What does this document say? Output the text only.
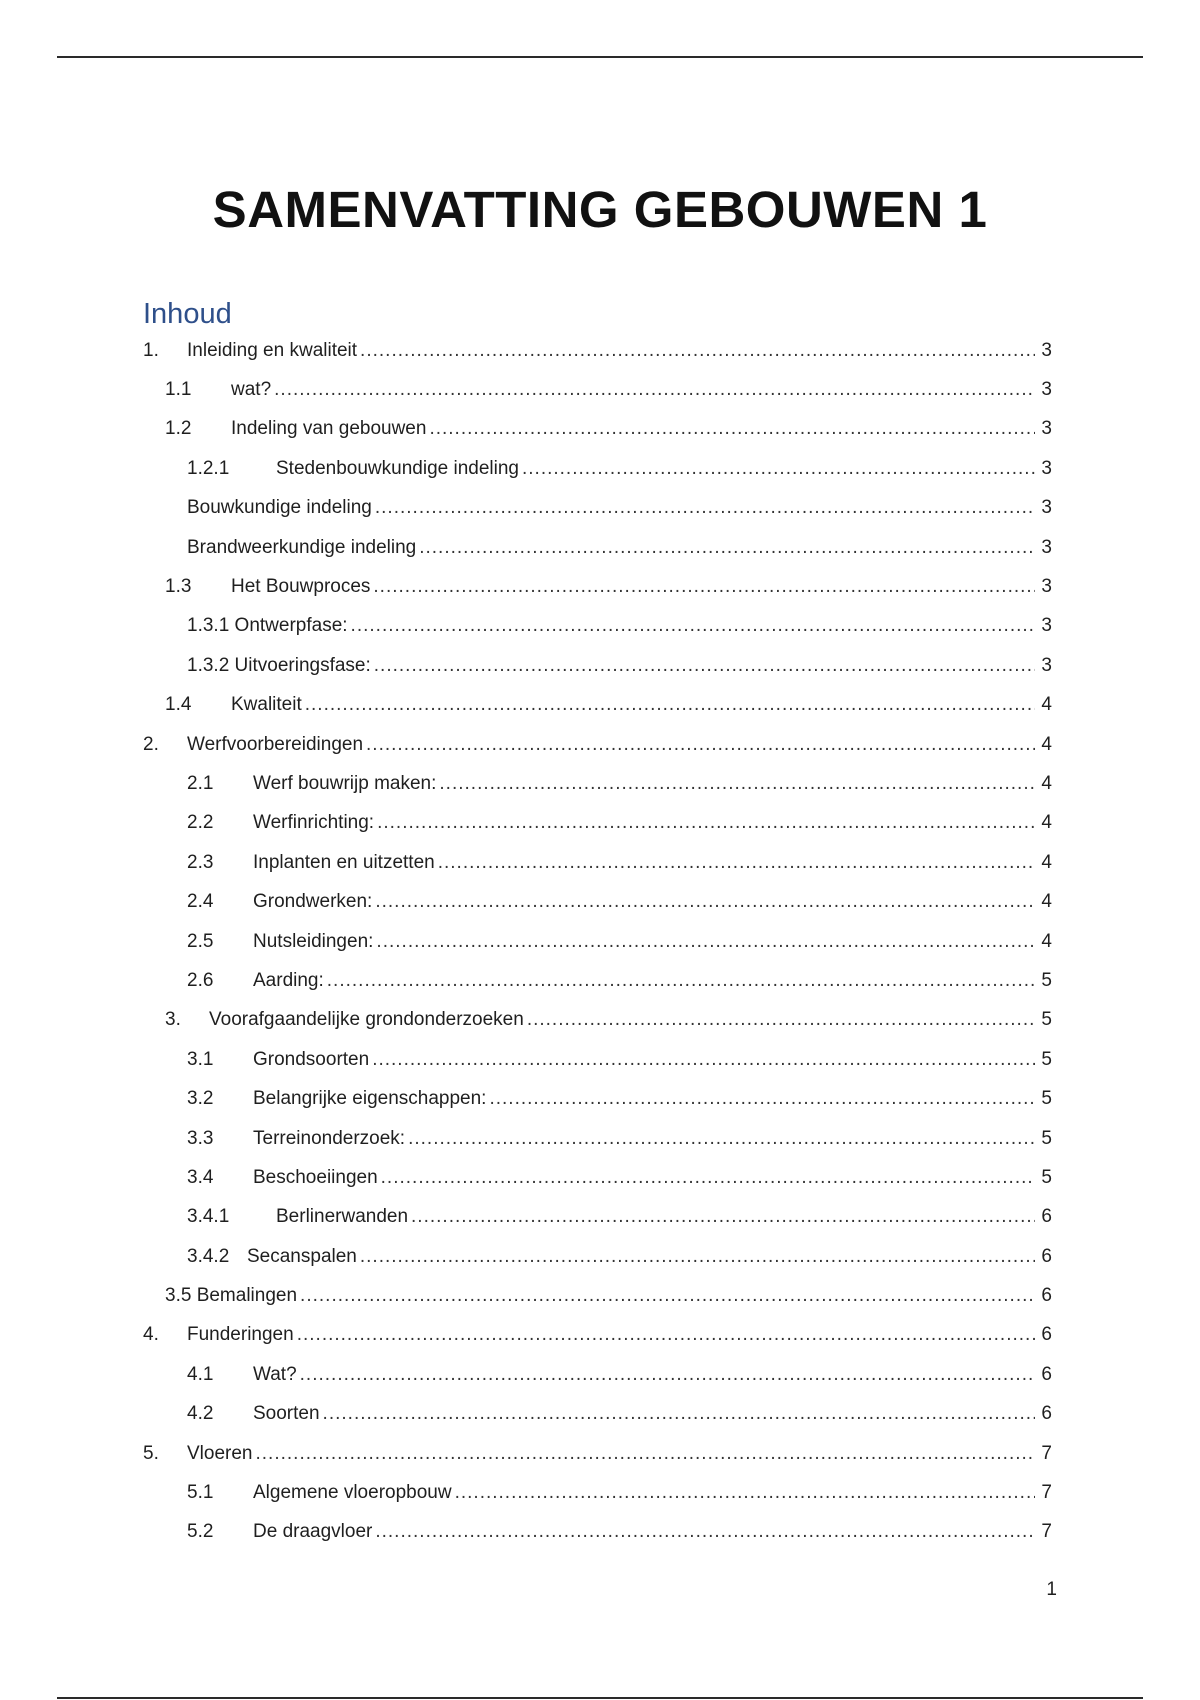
SAMENVATTING GEBOUWEN 1
Inhoud
1.	Inleiding en kwaliteit .....	3
1.1	wat? .....	3
1.2	Indeling van gebouwen .....	3
1.2.1	Stedenbouwkundige indeling .....	3
Bouwkundige indeling .....	3
Brandweerkundige indeling .....	3
1.3	Het Bouwproces .....	3
1.3.1 Ontwerpfase: .....	3
1.3.2 Uitvoeringsfase: .....	3
1.4	Kwaliteit .....	4
2.	Werfvoorbereidingen .....	4
2.1	Werf bouwrijp maken: .....	4
2.2	Werfinrichting: .....	4
2.3	Inplanten en uitzetten .....	4
2.4	Grondwerken: .....	4
2.5	Nutsleidingen: .....	4
2.6	Aarding: .....	5
3.	Voorafgaandelijke grondonderzoeken .....	5
3.1	Grondsoorten .....	5
3.2	Belangrijke eigenschappen: .....	5
3.3	Terreinonderzoek: .....	5
3.4	Beschoeiingen .....	5
3.4.1	Berlinerwanden .....	6
3.4.2 Secanspalen .....	6
3.5 Bemalingen .....	6
4.	Funderingen .....	6
4.1	Wat? .....	6
4.2	Soorten .....	6
5.	Vloeren .....	7
5.1	Algemene vloeropbouw .....	7
5.2	De draagvloer .....	7
1
